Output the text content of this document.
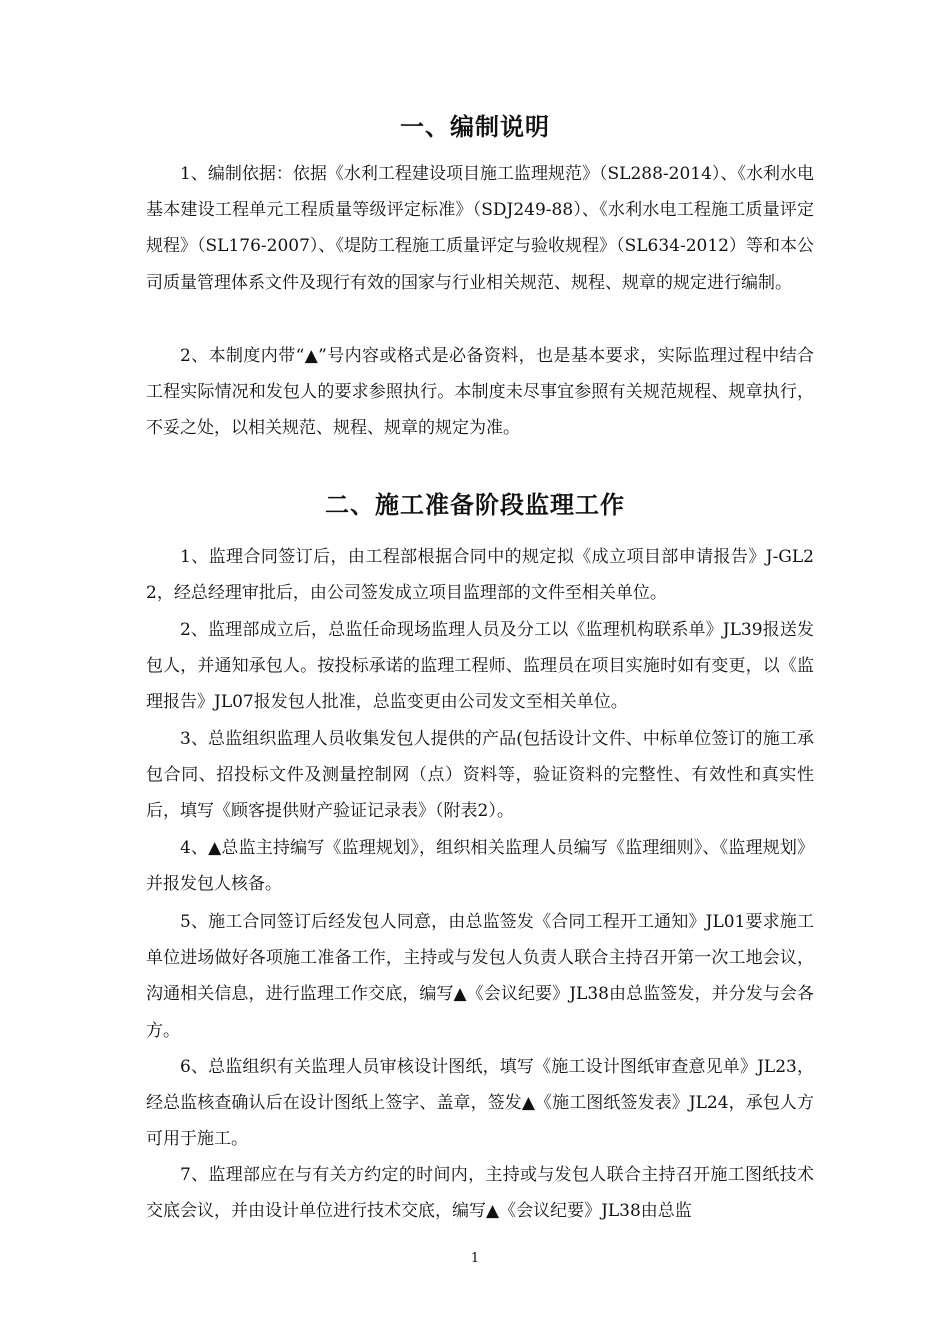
一、编制说明
1、编制依据：依据《水利工程建设项目施工监理规范》（SL288-2014）、《水利水电基本建设工程单元工程质量等级评定标准》（SDJ249-88）、《水利水电工程施工质量评定规程》（SL176-2007）、《堤防工程施工质量评定与验收规程》（SL634-2012）等和本公司质量管理体系文件及现行有效的国家与行业相关规范、规程、规章的规定进行编制。
2、本制度内带“▲”号内容或格式是必备资料，也是基本要求，实际监理过程中结合工程实际情况和发包人的要求参照执行。本制度未尽事宜参照有关规范规程、规章执行，不妥之处，以相关规范、规程、规章的规定为准。
二、施工准备阶段监理工作
1、监理合同签订后，由工程部根据合同中的规定拟《成立项目部申请报告》J-GL22，经总经理审批后，由公司签发成立项目监理部的文件至相关单位。
2、监理部成立后，总监任命现场监理人员及分工以《监理机构联系单》JL39报送发包人，并通知承包人。按投标承诺的监理工程师、监理员在项目实施时如有变更，以《监理报告》JL07报发包人批准，总监变更由公司发文至相关单位。
3、总监组织监理人员收集发包人提供的产品(包括设计文件、中标单位签订的施工承包合同、招投标文件及测量控制网（点）资料等，验证资料的完整性、有效性和真实性后，填写《顾客提供财产验证记录表》（附表2）。
4、▲总监主持编写《监理规划》，组织相关监理人员编写《监理细则》、《监理规划》并报发包人核备。
5、施工合同签订后经发包人同意，由总监签发《合同工程开工通知》JL01要求施工单位进场做好各项施工准备工作，主持或与发包人负责人联合主持召开第一次工地会议，沟通相关信息，进行监理工作交底，编写▲《会议纪要》JL38由总监签发，并分发与会各方。
6、总监组织有关监理人员审核设计图纸，填写《施工设计图纸审查意见单》JL23，经总监核查确认后在设计图纸上签字、盖章，签发▲《施工图纸签发表》JL24，承包人方可用于施工。
7、监理部应在与有关方约定的时间内，主持或与发包人联合主持召开施工图纸技术交底会议，并由设计单位进行技术交底，编写▲《会议纪要》JL38由总监
1
